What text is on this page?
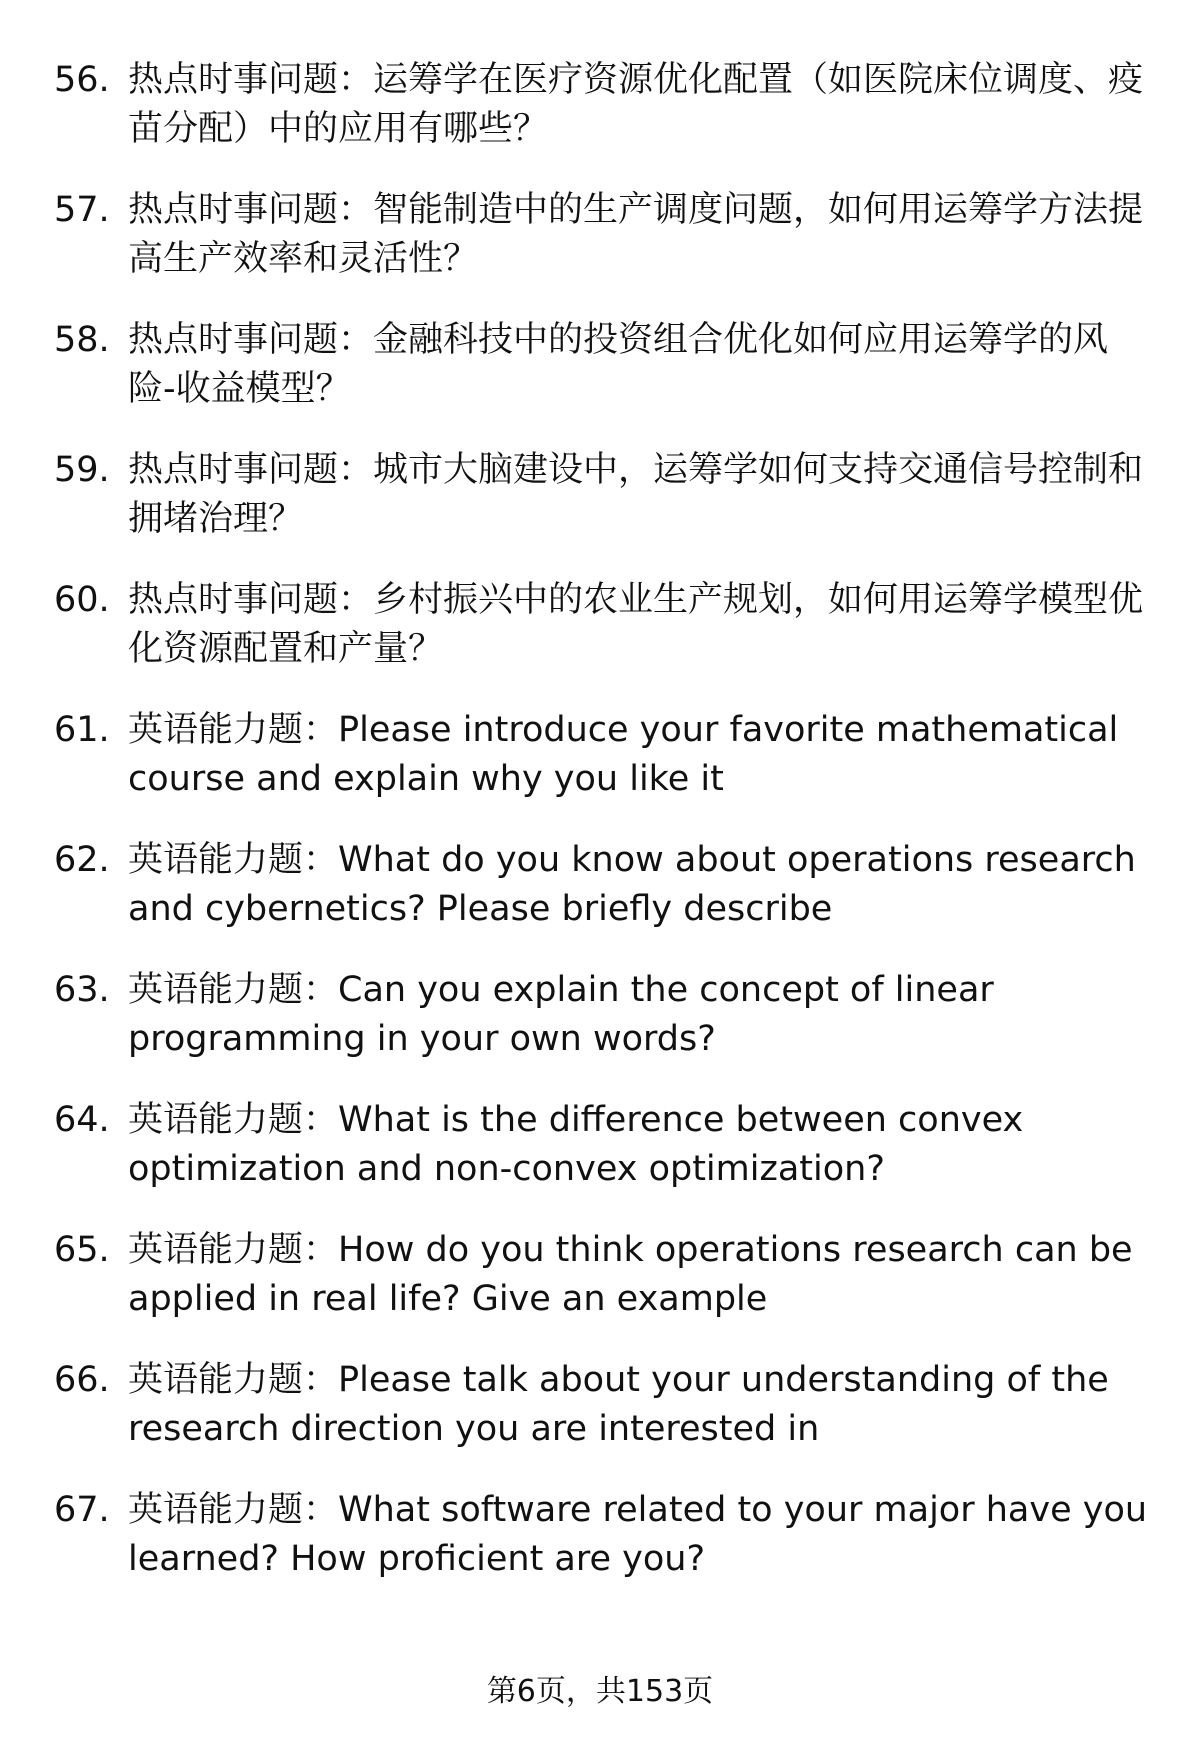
56. 热点时事问题：运筹学在医疗资源优化配置（如医院床位调度、疫苗分配）中的应用有哪些？
57. 热点时事问题：智能制造中的生产调度问题，如何用运筹学方法提高生产效率和灵活性？
58. 热点时事问题：金融科技中的投资组合优化如何应用运筹学的风险-收益模型？
59. 热点时事问题：城市大脑建设中，运筹学如何支持交通信号控制和拥堵治理？
60. 热点时事问题：乡村振兴中的农业生产规划，如何用运筹学模型优化资源配置和产量？
61. 英语能力题：Please introduce your favorite mathematical course and explain why you like it
62. 英语能力题：What do you know about operations research and cybernetics? Please briefly describe
63. 英语能力题：Can you explain the concept of linear programming in your own words?
64. 英语能力题：What is the difference between convex optimization and non-convex optimization?
65. 英语能力题：How do you think operations research can be applied in real life? Give an example
66. 英语能力题：Please talk about your understanding of the research direction you are interested in
67. 英语能力题：What software related to your major have you learned? How proficient are you?
第6页，共153页
